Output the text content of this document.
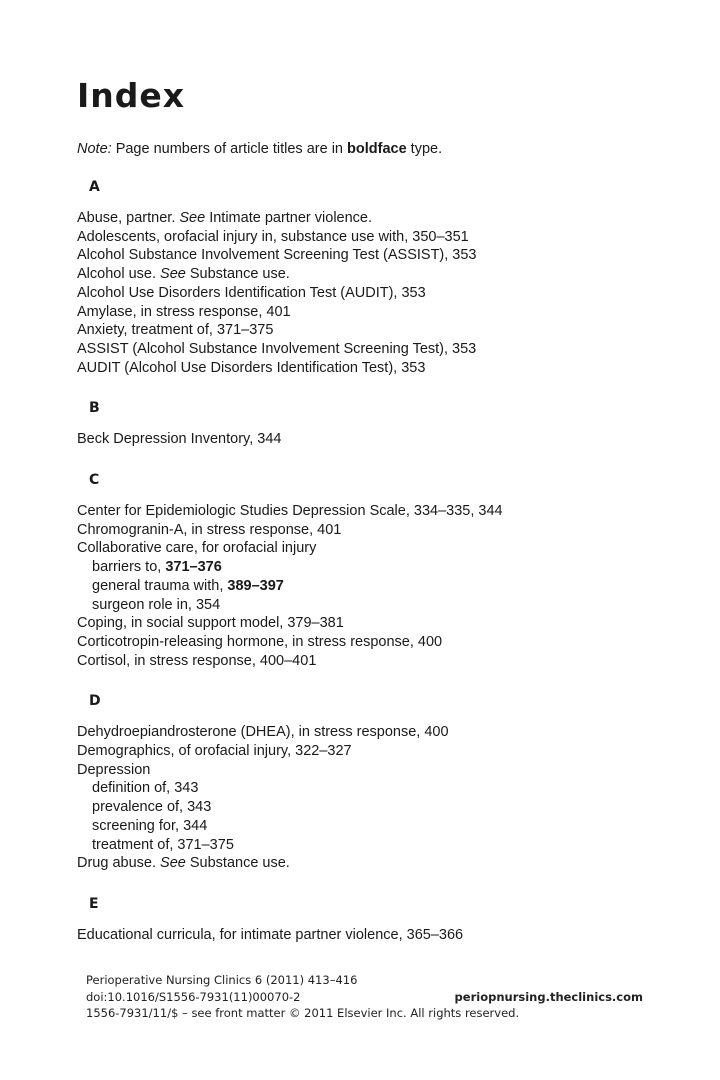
Index
Note: Page numbers of article titles are in boldface type.
A
Abuse, partner. See Intimate partner violence.
Adolescents, orofacial injury in, substance use with, 350–351
Alcohol Substance Involvement Screening Test (ASSIST), 353
Alcohol use. See Substance use.
Alcohol Use Disorders Identification Test (AUDIT), 353
Amylase, in stress response, 401
Anxiety, treatment of, 371–375
ASSIST (Alcohol Substance Involvement Screening Test), 353
AUDIT (Alcohol Use Disorders Identification Test), 353
B
Beck Depression Inventory, 344
C
Center for Epidemiologic Studies Depression Scale, 334–335, 344
Chromogranin-A, in stress response, 401
Collaborative care, for orofacial injury
barriers to, 371–376
general trauma with, 389–397
surgeon role in, 354
Coping, in social support model, 379–381
Corticotropin-releasing hormone, in stress response, 400
Cortisol, in stress response, 400–401
D
Dehydroepiandrosterone (DHEA), in stress response, 400
Demographics, of orofacial injury, 322–327
Depression
definition of, 343
prevalence of, 343
screening for, 344
treatment of, 371–375
Drug abuse. See Substance use.
E
Educational curricula, for intimate partner violence, 365–366
Perioperative Nursing Clinics 6 (2011) 413–416
doi:10.1016/S1556-7931(11)00070-2	periopnursing.theclinics.com
1556-7931/11/$ – see front matter © 2011 Elsevier Inc. All rights reserved.
